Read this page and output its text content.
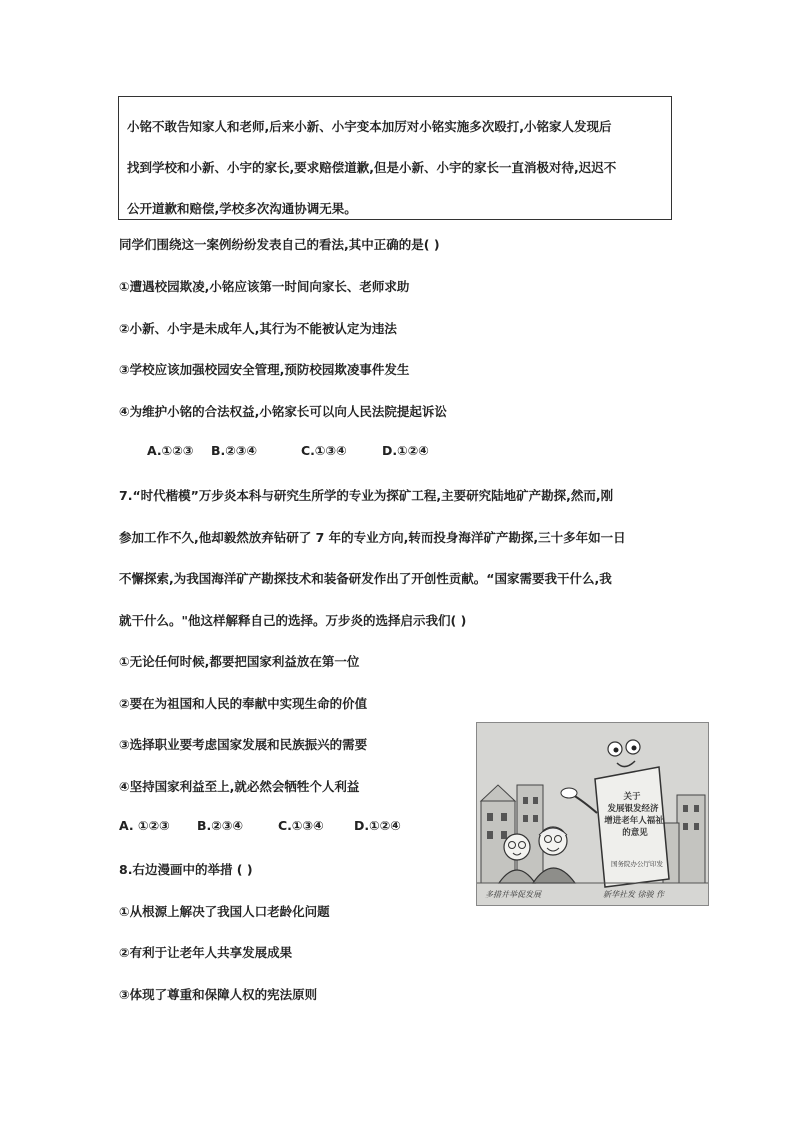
小铭不敢告知家人和老师,后来小新、小宇变本加厉对小铭实施多次殴打,小铭家人发现后
找到学校和小新、小宇的家长,要求赔偿道歉,但是小新、小宇的家长一直消极对待,迟迟不
公开道歉和赔偿,学校多次沟通协调无果。
同学们围绕这一案例纷纷发表自己的看法,其中正确的是( )
①遭遇校园欺凌,小铭应该第一时间向家长、老师求助
②小新、小宇是未成年人,其行为不能被认定为违法
③学校应该加强校园安全管理,预防校园欺凌事件发生
④为维护小铭的合法权益,小铭家长可以向人民法院提起诉讼
A.①②③ B.②③④	C.①③④	D.①②④
7.“时代楷模”万步炎本科与研究生所学的专业为探矿工程,主要研究陆地矿产勘探,然而,刚
参加工作不久,他却毅然放弃钻研了 7 年的专业方向,转而投身海洋矿产勘探,三十多年如一日
不懈探索,为我国海洋矿产勘探技术和装备研发作出了开创性贡献。“国家需要我干什么,我
就干什么。"他这样解释自己的选择。万步炎的选择启示我们( )
①无论任何时候,都要把国家利益放在第一位
②要在为祖国和人民的奉献中实现生命的价值
③选择职业要考虑国家发展和民族振兴的需要
④坚持国家利益至上,就必然会牺牲个人利益
A. ①②③ B.②③④	C.①③④ D.①②④
8.右边漫画中的举措 ( )
①从根源上解决了我国人口老龄化问题
②有利于让老年人共享发展成果
③体现了尊重和保障人权的宪法原则
关于
发展银发经济
增进老年人福祉
的意见
国务院办公厅印发
多措并举促发展	新华社发 徐骏 作
